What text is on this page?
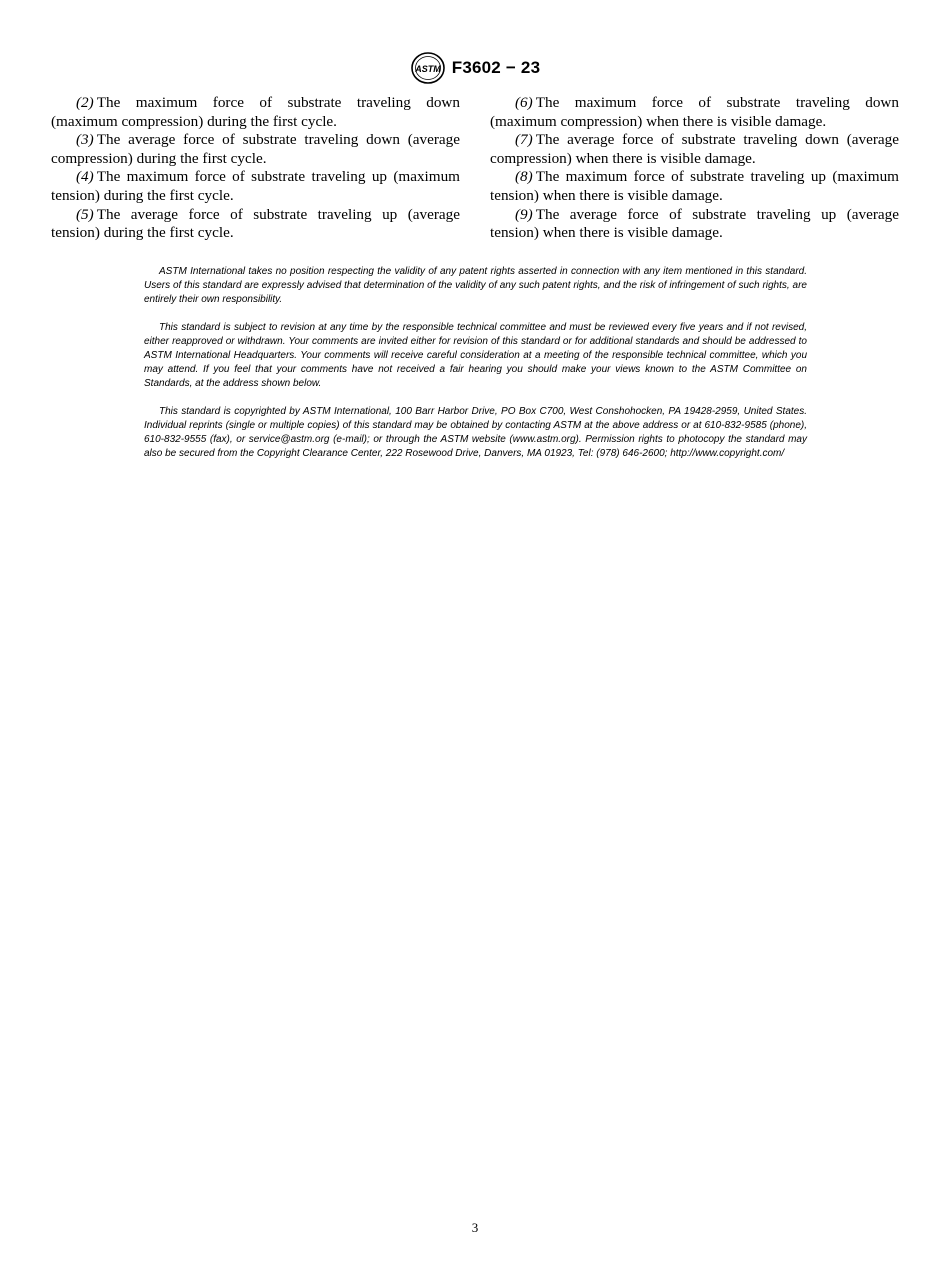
ASTM F3602 − 23

(2) The maximum force of substrate traveling down (maximum compression) during the first cycle.

(3) The average force of substrate traveling down (average compression) during the first cycle.

(4) The maximum force of substrate traveling up (maximum tension) during the first cycle.

(5) The average force of substrate traveling up (average tension) during the first cycle.

(6) The maximum force of substrate traveling down (maximum compression) when there is visible damage.

(7) The average force of substrate traveling down (average compression) when there is visible damage.

(8) The maximum force of substrate traveling up (maximum tension) when there is visible damage.

(9) The average force of substrate traveling up (average tension) when there is visible damage.

ASTM International takes no position respecting the validity of any patent rights asserted in connection with any item mentioned in this standard. Users of this standard are expressly advised that determination of the validity of any such patent rights, and the risk of infringement of such rights, are entirely their own responsibility.

This standard is subject to revision at any time by the responsible technical committee and must be reviewed every five years and if not revised, either reapproved or withdrawn. Your comments are invited either for revision of this standard or for additional standards and should be addressed to ASTM International Headquarters. Your comments will receive careful consideration at a meeting of the responsible technical committee, which you may attend. If you feel that your comments have not received a fair hearing you should make your views known to the ASTM Committee on Standards, at the address shown below.

This standard is copyrighted by ASTM International, 100 Barr Harbor Drive, PO Box C700, West Conshohocken, PA 19428-2959, United States. Individual reprints (single or multiple copies) of this standard may be obtained by contacting ASTM at the above address or at 610-832-9585 (phone), 610-832-9555 (fax), or service@astm.org (e-mail); or through the ASTM website (www.astm.org). Permission rights to photocopy the standard may also be secured from the Copyright Clearance Center, 222 Rosewood Drive, Danvers, MA 01923, Tel: (978) 646-2600; http://www.copyright.com/

3
